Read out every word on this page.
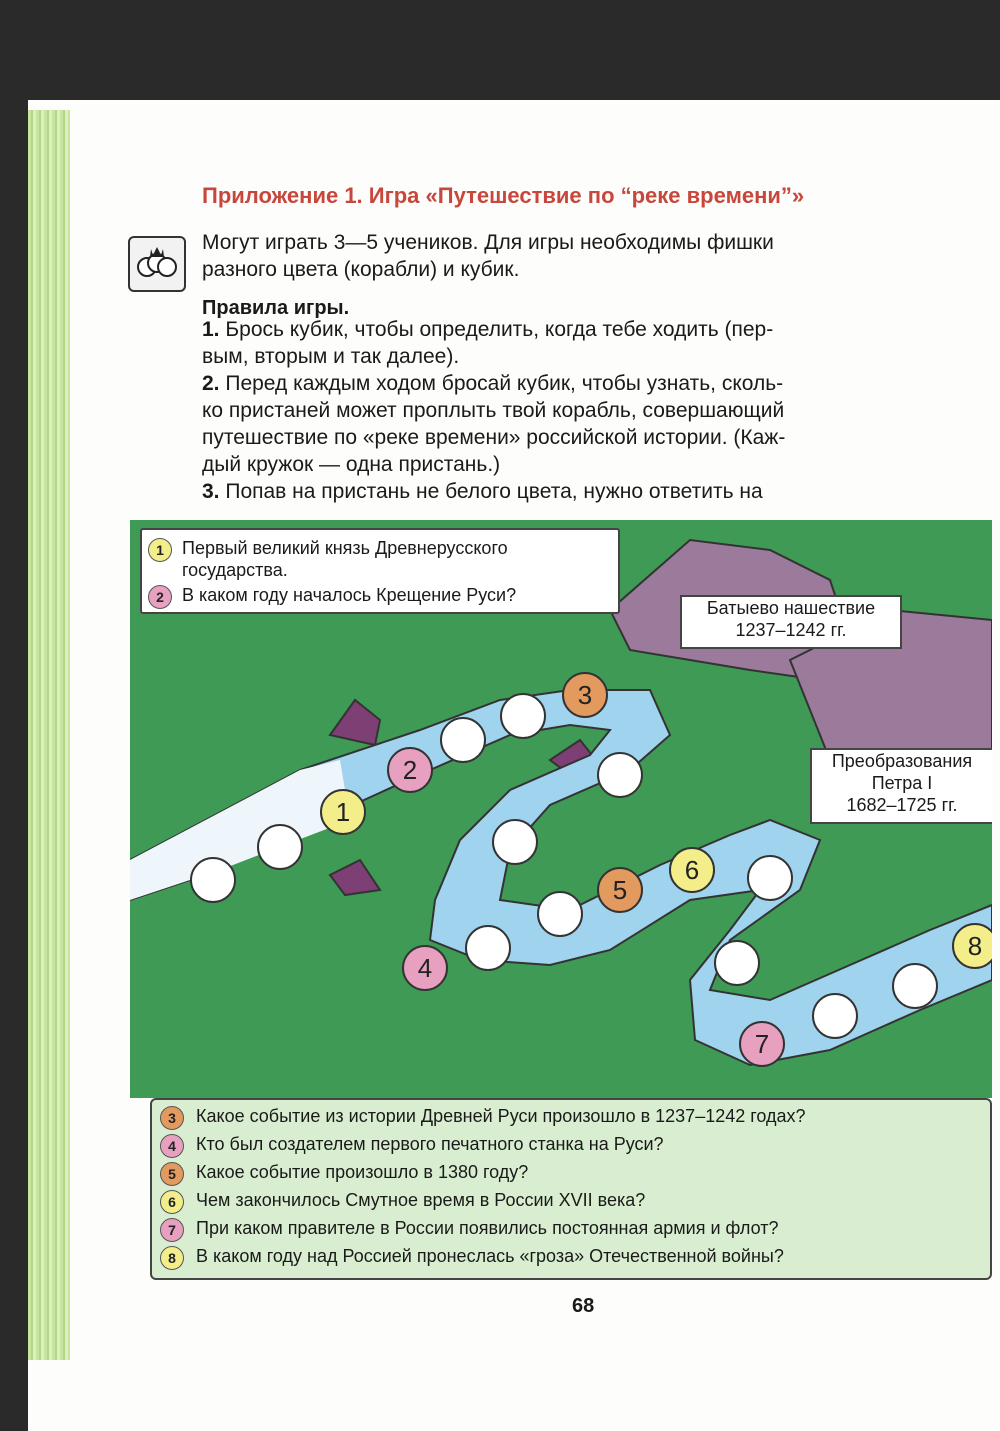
Приложение 1. Игра «Путешествие по “реке времени”»
Могут играть 3—5 учеников. Для игры необходимы фишки
разного цвета (корабли) и кубик.
Правила игры.
1. Брось кубик, чтобы определить, когда тебе ходить (пер-
вым, вторым и так далее).
2. Перед каждым ходом бросай кубик, чтобы узнать, сколь-
ко пристаней может проплыть твой корабль, совершающий
путешествие по «реке времени» российской истории. (Каж-
дый кружок — одна пристань.)
3. Попав на пристань не белого цвета, нужно ответить на
1
2
3
4
5
6
7
8
1	Первый великий князь Древнерусского
государства.
2	В каком году началось Крещение Руси?
Батыево нашествие
1237–1242 гг.
Преобразования
Петра I
1682–1725 гг.
3	Какое событие из истории Древней Руси произошло в 1237–1242 годах?
4	Кто был создателем первого печатного станка на Руси?
5	Какое событие произошло в 1380 году?
6	Чем закончилось Смутное время в России XVII века?
7	При каком правителе в России появились постоянная армия и флот?
8	В каком году над Россией пронеслась «гроза» Отечественной войны?
68
